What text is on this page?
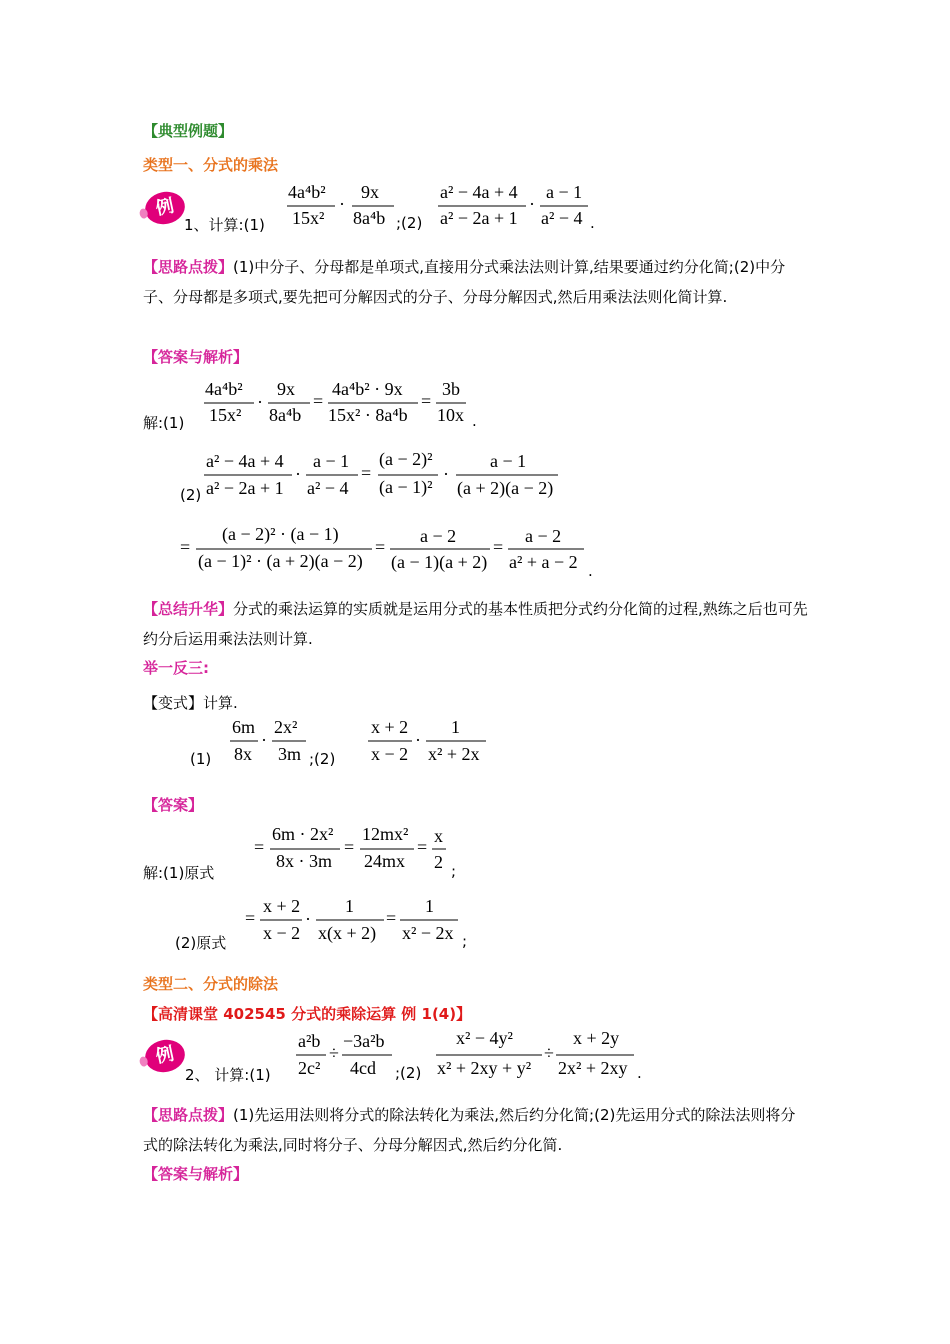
【典型例题】
类型一、分式的乘法
例
1、计算:(1)
4a⁴b²
15x²
·
9x
8a⁴b ;(2)
a² − 4a + 4
a² − 2a + 1
·
a − 1
a² − 4 .
【思路点拨】(1)中分子、分母都是单项式,直接用分式乘法法则计算,结果要通过约分化简;(2)中分子、分母都是多项式,要先把可分解因式的分子、分母分解因式,然后用乘法法则化简计算.
【答案与解析】
解:(1)
4a⁴b²
15x²
·
9x
8a⁴b
=
4a⁴b² · 9x
15x² · 8a⁴b
=
3b
10x .
(2)
a² − 4a + 4
a² − 2a + 1
·
a − 1
a² − 4
=
(a − 2)²
(a − 1)²
·
a − 1
(a + 2)(a − 2)
=
(a − 2)² · (a − 1)
(a − 1)² · (a + 2)(a − 2)
=
a − 2
(a − 1)(a + 2)
=
a − 2
a² + a − 2 .
【总结升华】分式的乘法运算的实质就是运用分式的基本性质把分式约分化简的过程,熟练之后也可先约分后运用乘法法则计算.
举一反三:
【变式】计算.
(1)
6m
8x
·
2x²
3m ;(2)
x + 2
x − 2
·
1
x² + 2x
【答案】
解:(1)原式
=
6m · 2x²
8x · 3m
=
12mx²
24mx
=
x
2 ;
(2)原式
=
x + 2
x − 2
·
1
x(x + 2)
=
1
x² − 2x ;
类型二、分式的除法
【高清课堂 402545 分式的乘除运算 例 1(4)】
例
2、 计算:(1)
a²b
2c²
÷
−3a²b
4cd ;(2)
x² − 4y²
x² + 2xy + y²
÷
x + 2y
2x² + 2xy .
【思路点拨】(1)先运用法则将分式的除法转化为乘法,然后约分化简;(2)先运用分式的除法法则将分式的除法转化为乘法,同时将分子、分母分解因式,然后约分化简.
【答案与解析】
